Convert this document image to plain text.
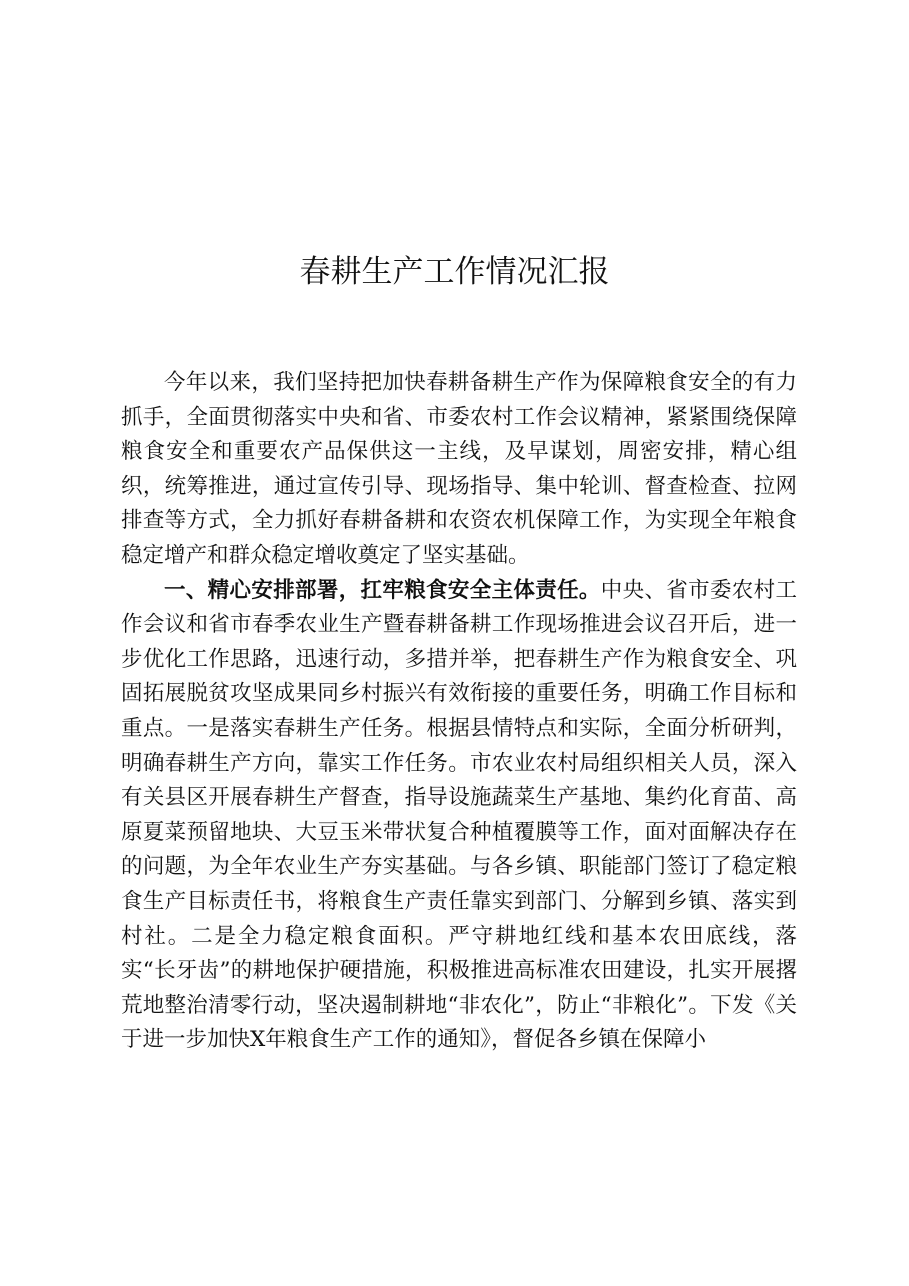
春耕生产工作情况汇报

今年以来，我们坚持把加快春耕备耕生产作为保障粮食安全的有力抓手，全面贯彻落实中央和省、市委农村工作会议精神，紧紧围绕保障粮食安全和重要农产品保供这一主线，及早谋划，周密安排，精心组织，统筹推进，通过宣传引导、现场指导、集中轮训、督查检查、拉网排查等方式，全力抓好春耕备耕和农资农机保障工作，为实现全年粮食稳定增产和群众稳定增收奠定了坚实基础。

一、精心安排部署，扛牢粮食安全主体责任。中央、省市委农村工作会议和省市春季农业生产暨春耕备耕工作现场推进会议召开后，进一步优化工作思路，迅速行动，多措并举，把春耕生产作为粮食安全、巩固拓展脱贫攻坚成果同乡村振兴有效衔接的重要任务，明确工作目标和重点。一是落实春耕生产任务。根据县情特点和实际，全面分析研判，明确春耕生产方向，靠实工作任务。市农业农村局组织相关人员，深入有关县区开展春耕生产督查，指导设施蔬菜生产基地、集约化育苗、高原夏菜预留地块、大豆玉米带状复合种植覆膜等工作，面对面解决存在的问题，为全年农业生产夯实基础。与各乡镇、职能部门签订了稳定粮食生产目标责任书，将粮食生产责任靠实到部门、分解到乡镇、落实到村社。二是全力稳定粮食面积。严守耕地红线和基本农田底线，落实“长牙齿”的耕地保护硬措施，积极推进高标准农田建设，扎实开展撂荒地整治清零行动，坚决遏制耕地“非农化”，防止“非粮化”。下发《关于进一步加快X年粮食生产工作的通知》，督促各乡镇在保障小
